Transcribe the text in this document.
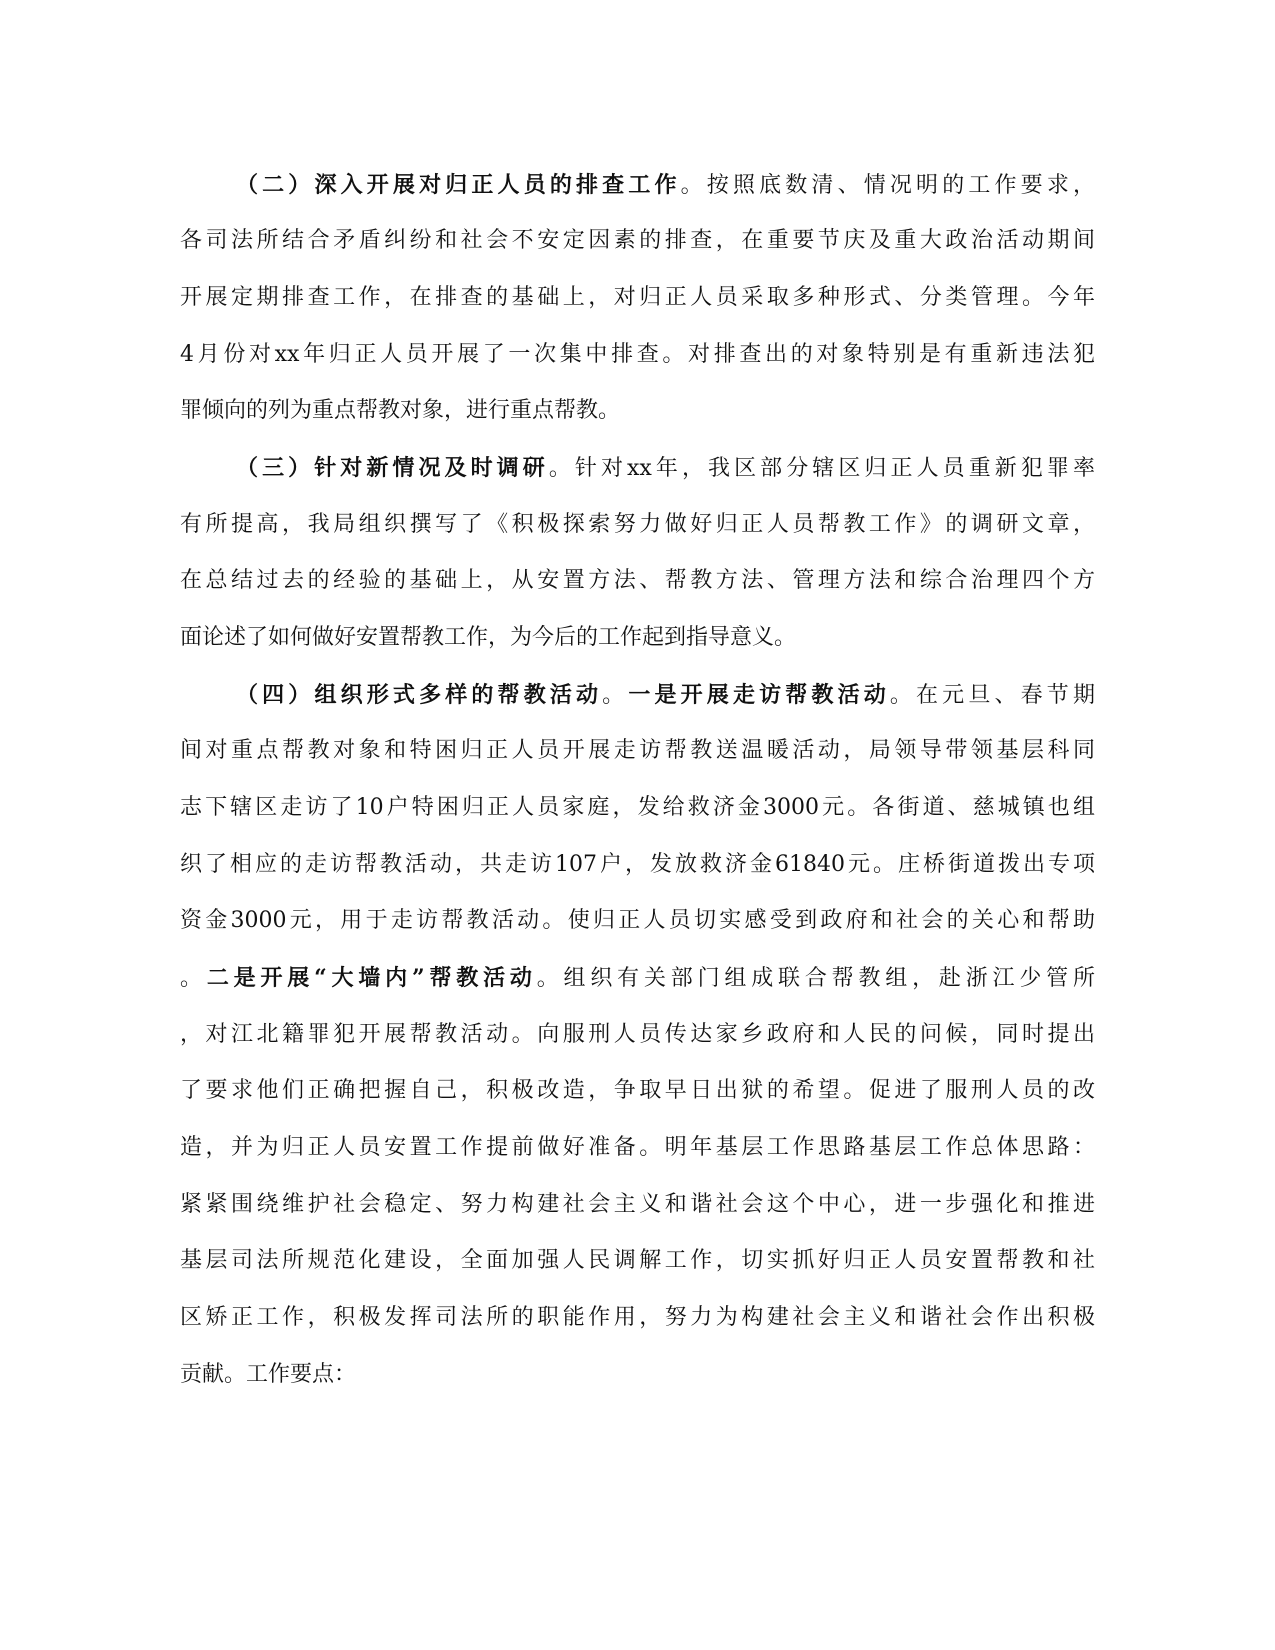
（二）深入开展对归正人员的排查工作。按照底数清、情况明的工作要求，
各司法所结合矛盾纠纷和社会不安定因素的排查，在重要节庆及重大政治活动期间
开展定期排查工作，在排查的基础上，对归正人员采取多种形式、分类管理。今年
4月份对xx年归正人员开展了一次集中排查。对排查出的对象特别是有重新违法犯
罪倾向的列为重点帮教对象，进行重点帮教。
（三）针对新情况及时调研。针对xx年，我区部分辖区归正人员重新犯罪率
有所提高，我局组织撰写了《积极探索努力做好归正人员帮教工作》的调研文章，
在总结过去的经验的基础上，从安置方法、帮教方法、管理方法和综合治理四个方
面论述了如何做好安置帮教工作，为今后的工作起到指导意义。
（四）组织形式多样的帮教活动。一是开展走访帮教活动。在元旦、春节期
间对重点帮教对象和特困归正人员开展走访帮教送温暖活动，局领导带领基层科同
志下辖区走访了10户特困归正人员家庭，发给救济金3000元。各街道、慈城镇也组
织了相应的走访帮教活动，共走访107户，发放救济金61840元。庄桥街道拨出专项
资金3000元，用于走访帮教活动。使归正人员切实感受到政府和社会的关心和帮助
。二是开展“大墙内”帮教活动。组织有关部门组成联合帮教组，赴浙江少管所
，对江北籍罪犯开展帮教活动。向服刑人员传达家乡政府和人民的问候，同时提出
了要求他们正确把握自己，积极改造，争取早日出狱的希望。促进了服刑人员的改
造，并为归正人员安置工作提前做好准备。明年基层工作思路基层工作总体思路：
紧紧围绕维护社会稳定、努力构建社会主义和谐社会这个中心，进一步强化和推进
基层司法所规范化建设，全面加强人民调解工作，切实抓好归正人员安置帮教和社
区矫正工作，积极发挥司法所的职能作用，努力为构建社会主义和谐社会作出积极
贡献。工作要点：
